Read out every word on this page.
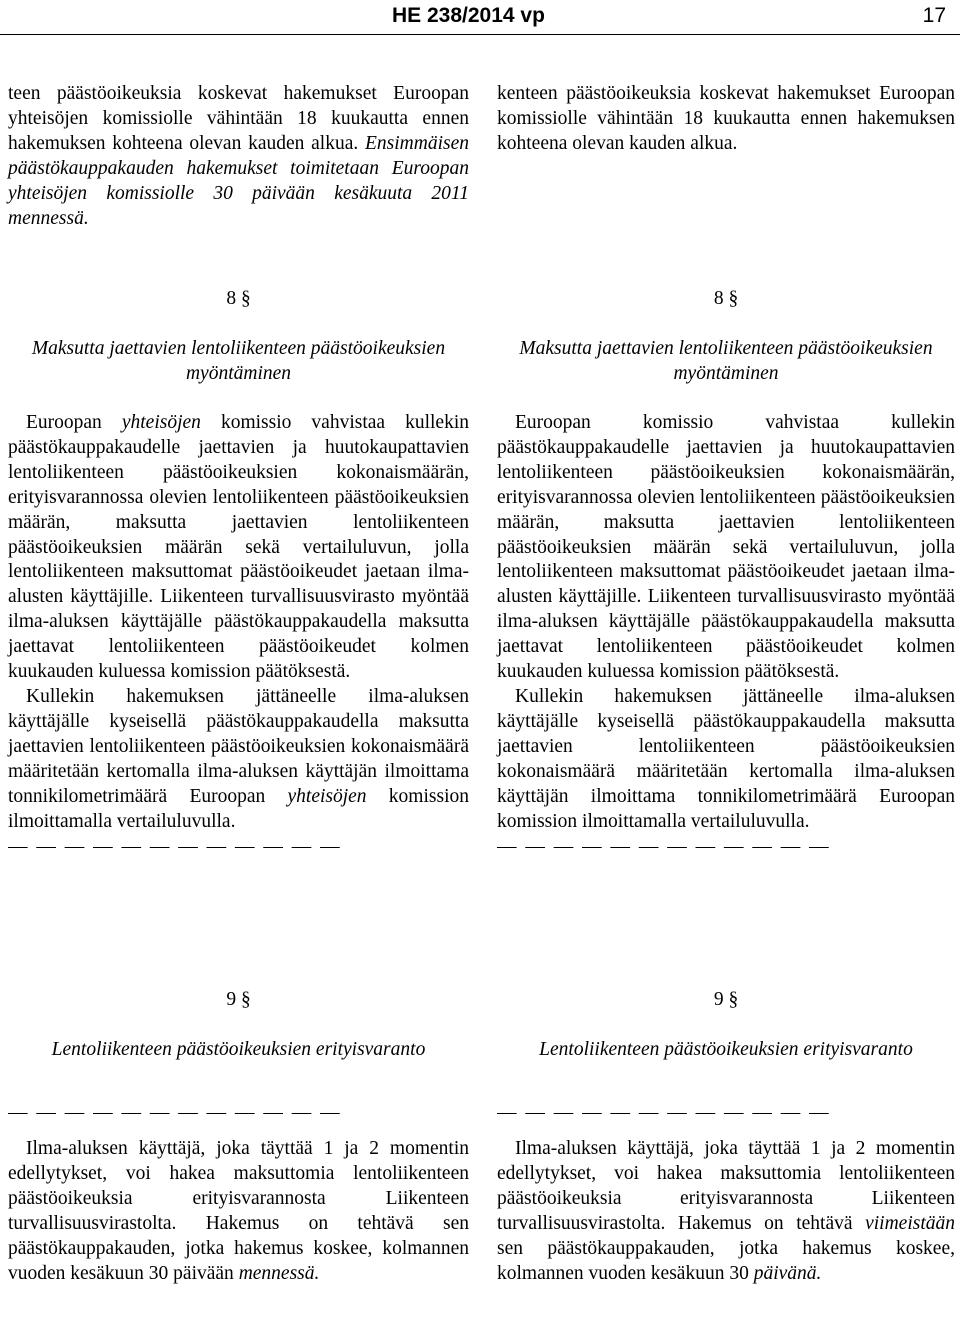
HE 238/2014 vp	17

teen päästöoikeuksia koskevat hakemukset Euroopan yhteisöjen komissiolle vähintään 18 kuukautta ennen hakemuksen kohteena olevan kauden alkua. Ensimmäisen päästökauppakauden hakemukset toimitetaan Euroopan yhteisöjen komissiolle 30 päivään kesäkuuta 2011 mennessä.

8 §

Maksutta jaettavien lentoliikenteen päästöoikeuksien myöntäminen

Euroopan yhteisöjen komissio vahvistaa kullekin päästökauppakaudelle jaettavien ja huutokaupattavien lentoliikenteen päästöoikeuksien kokonaismäärän, erityisvarannossa olevien lentoliikenteen päästöoikeuksien määrän, maksutta jaettavien lentoliikenteen päästöoikeuksien määrän sekä vertailuluvun, jolla lentoliikenteen maksuttomat päästöoikeudet jaetaan ilma-alusten käyttäjille. Liikenteen turvallisuusvirasto myöntää ilma-aluksen käyttäjälle päästökauppakaudella maksutta jaettavat lentoliikenteen päästöoikeudet kolmen kuukauden kuluessa komission päätöksestä.

Kullekin hakemuksen jättäneelle ilma-aluksen käyttäjälle kyseisellä päästökauppakaudella maksutta jaettavien lentoliikenteen päästöoikeuksien kokonaismäärä määritetään kertomalla ilma-aluksen käyttäjän ilmoittama tonnikilometrimäärä Euroopan yhteisöjen komission ilmoittamalla vertailuluvulla.

— — — — — — — — — — — —

9 §

Lentoliikenteen päästöoikeuksien erityisvaranto

— — — — — — — — — — — —

Ilma-aluksen käyttäjä, joka täyttää 1 ja 2 momentin edellytykset, voi hakea maksuttomia lentoliikenteen päästöoikeuksia erityisvarannosta Liikenteen turvallisuusvirastolta. Hakemus on tehtävä sen päästökauppakauden, jotka hakemus koskee, kolmannen vuoden kesäkuun 30 päivään mennessä.

kenteen päästöoikeuksia koskevat hakemukset Euroopan komissiolle vähintään 18 kuukautta ennen hakemuksen kohteena olevan kauden alkua.

8 §

Maksutta jaettavien lentoliikenteen päästöoikeuksien myöntäminen

Euroopan komissio vahvistaa kullekin päästökauppakaudelle jaettavien ja huutokaupattavien lentoliikenteen päästöoikeuksien kokonaismäärän, erityisvarannossa olevien lentoliikenteen päästöoikeuksien määrän, maksutta jaettavien lentoliikenteen päästöoikeuksien määrän sekä vertailuluvun, jolla lentoliikenteen maksuttomat päästöoikeudet jaetaan ilma-alusten käyttäjille. Liikenteen turvallisuusvirasto myöntää ilma-aluksen käyttäjälle päästökauppakaudella maksutta jaettavat lentoliikenteen päästöoikeudet kolmen kuukauden kuluessa komission päätöksestä.

Kullekin hakemuksen jättäneelle ilma-aluksen käyttäjälle kyseisellä päästökauppakaudella maksutta jaettavien lentoliikenteen päästöoikeuksien kokonaismäärä määritetään kertomalla ilma-aluksen käyttäjän ilmoittama tonnikilometrimäärä Euroopan komission ilmoittamalla vertailuluvulla.

— — — — — — — — — — — —

9 §

Lentoliikenteen päästöoikeuksien erityisvaranto

— — — — — — — — — — — —

Ilma-aluksen käyttäjä, joka täyttää 1 ja 2 momentin edellytykset, voi hakea maksuttomia lentoliikenteen päästöoikeuksia erityisvarannosta Liikenteen turvallisuusvirastolta. Hakemus on tehtävä viimeistään sen päästökauppakauden, jotka hakemus koskee, kolmannen vuoden kesäkuun 30 päivänä.
